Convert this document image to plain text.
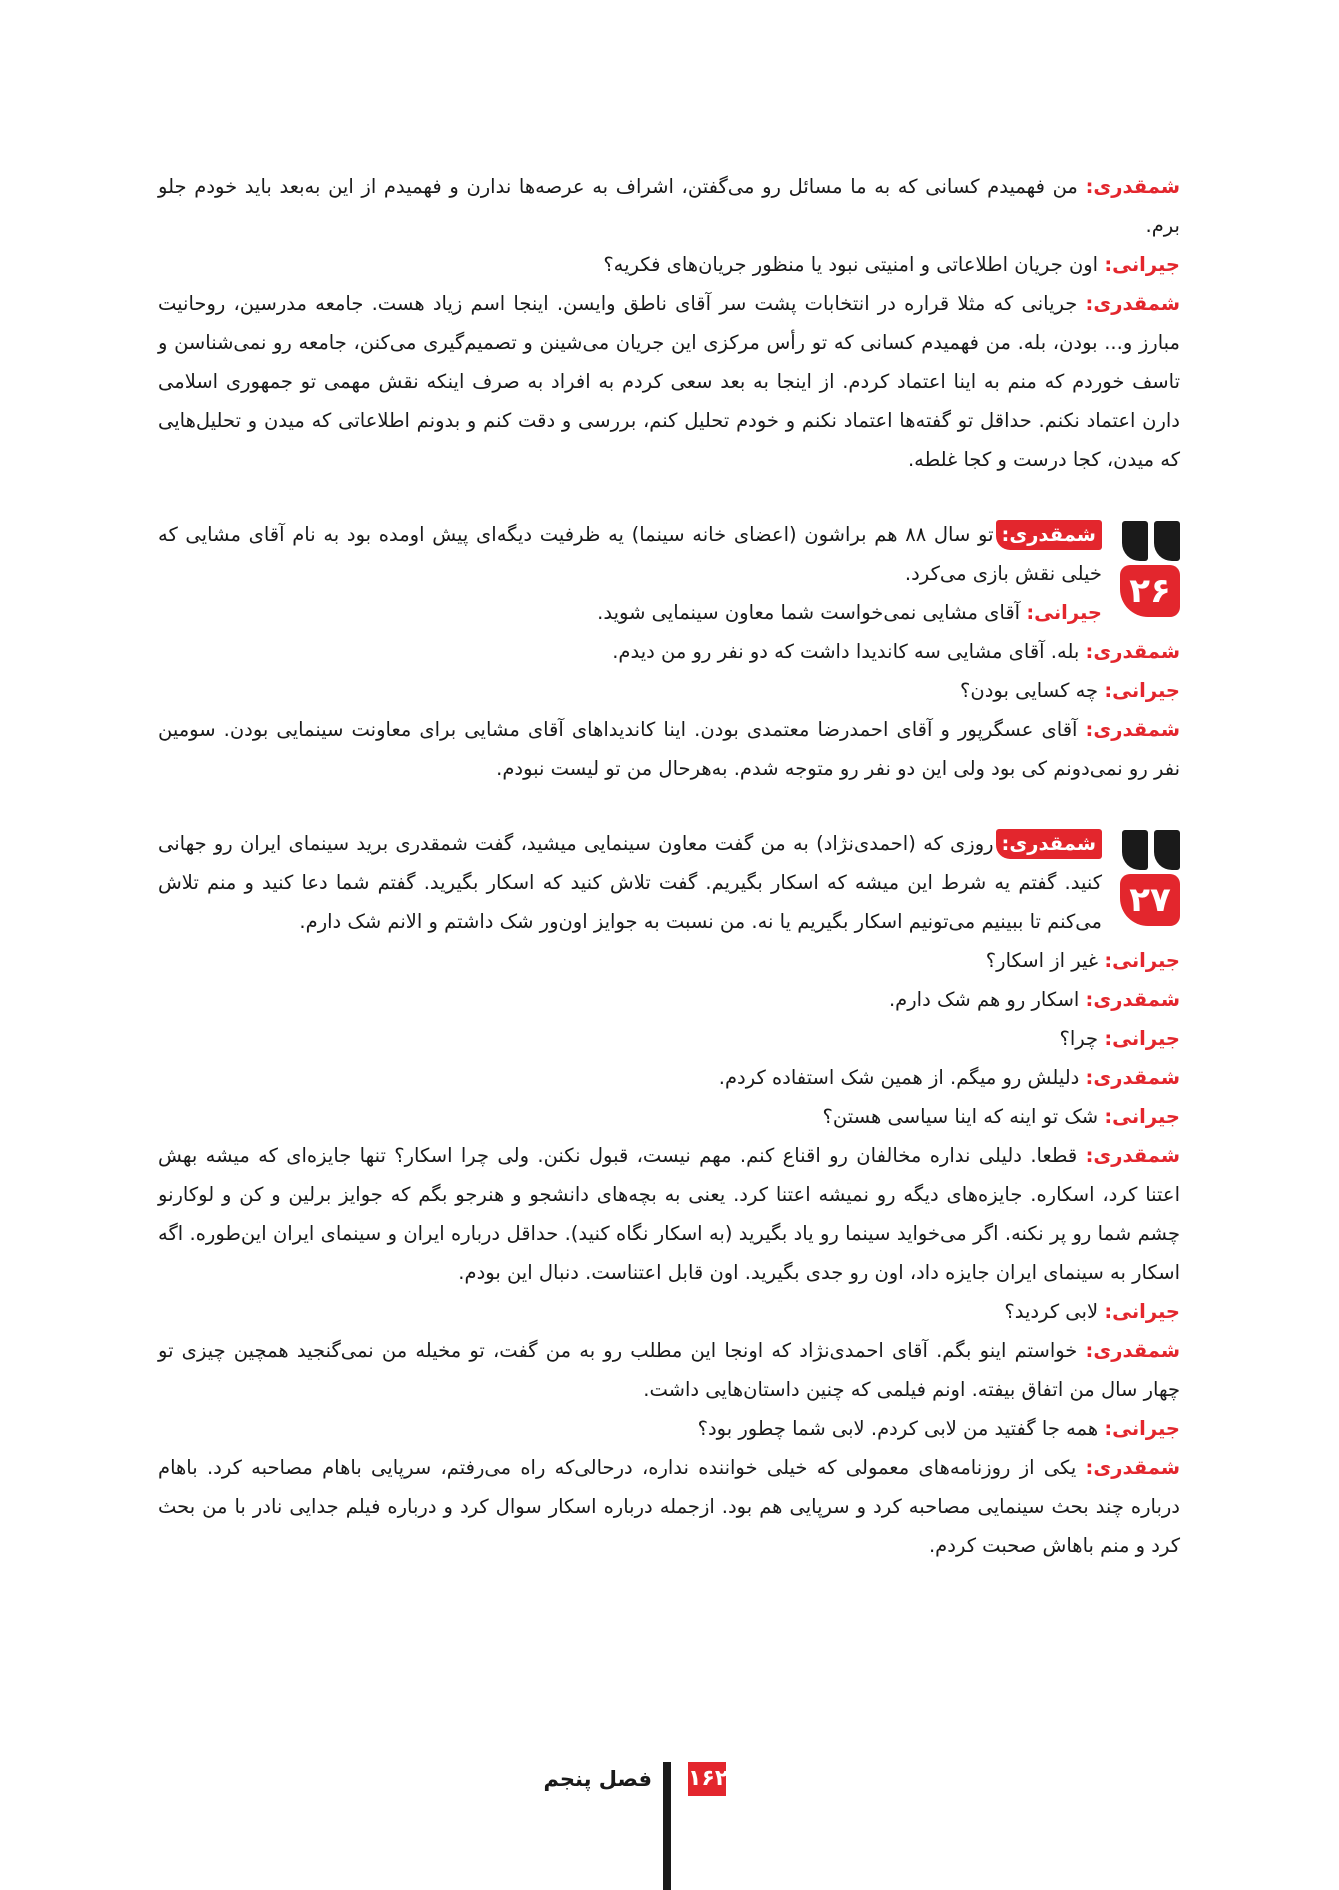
شمقدری: من فهمیدم کسانی که به ما مسائل رو می‌گفتن، اشراف به عرصه‌ها ندارن و فهمیدم از این به‌بعد باید خودم جلو برم.

جیرانی: اون جریان اطلاعاتی و امنیتی نبود یا منظور جریان‌های فکریه؟

شمقدری: جریانی که مثلا قراره در انتخابات پشت سر آقای ناطق وایسن. اینجا اسم زیاد هست. جامعه مدرسین، روحانیت مبارز و... بودن، بله. من فهمیدم کسانی که تو رأس مرکزی این جریان می‌شینن و تصمیم‌گیری می‌کنن، جامعه رو نمی‌شناسن و تاسف خوردم که منم به اینا اعتماد کردم. از اینجا به بعد سعی کردم به افراد به صرف اینکه نقش مهمی تو جمهوری اسلامی دارن اعتماد نکنم. حداقل تو گفته‌ها اعتماد نکنم و خودم تحلیل کنم، بررسی و دقت کنم و بدونم اطلاعاتی که میدن و تحلیل‌هایی که میدن، کجا درست و کجا غلطه.

۲۶

شمقدری:تو سال ۸۸ هم براشون (اعضای خانه سینما) یه ظرفیت دیگه‌ای پیش اومده بود به نام آقای مشایی که خیلی نقش بازی می‌کرد.

جیرانی: آقای مشایی نمی‌خواست شما معاون سینمایی شوید.

شمقدری: بله. آقای مشایی سه کاندیدا داشت که دو نفر رو من دیدم.

جیرانی: چه کسایی بودن؟

شمقدری: آقای عسگرپور و آقای احمدرضا معتمدی بودن. اینا کاندیداهای آقای مشایی برای معاونت سینمایی بودن. سومین نفر رو نمی‌دونم کی بود ولی این دو نفر رو متوجه شدم. به‌هرحال من تو لیست نبودم.

۲۷

شمقدری:روزی که (احمدی‌نژاد) به من گفت معاون سینمایی میشید، گفت شمقدری برید سینمای ایران رو جهانی کنید. گفتم یه شرط این میشه که اسکار بگیریم. گفت تلاش کنید که اسکار بگیرید. گفتم شما دعا کنید و منم تلاش می‌کنم تا ببینیم می‌تونیم اسکار بگیریم یا نه. من نسبت به جوایز اون‌ور شک داشتم و الانم شک دارم.

جیرانی: غیر از اسکار؟

شمقدری: اسکار رو هم شک دارم.

جیرانی: چرا؟

شمقدری: دلیلش رو میگم. از همین شک استفاده کردم.

جیرانی: شک تو اینه که اینا سیاسی هستن؟

شمقدری: قطعا. دلیلی نداره مخالفان رو اقناع کنم. مهم نیست، قبول نکنن. ولی چرا اسکار؟ تنها جایزه‌ای که میشه بهش اعتنا کرد، اسکاره. جایزه‌های دیگه رو نمیشه اعتنا کرد. یعنی به بچه‌های دانشجو و هنرجو بگم که جوایز برلین و کن و لوکارنو چشم شما رو پر نکنه. اگر می‌خواید سینما رو یاد بگیرید (به اسکار نگاه کنید). حداقل درباره ایران و سینمای ایران این‌طوره. اگه اسکار به سینمای ایران جایزه داد، اون رو جدی بگیرید. اون قابل اعتناست. دنبال این بودم.

جیرانی: لابی کردید؟

شمقدری: خواستم اینو بگم. آقای احمدی‌نژاد که اونجا این مطلب رو به من گفت، تو مخیله من نمی‌گنجید همچین چیزی تو چهار سال من اتفاق بیفته. اونم فیلمی که چنین داستان‌هایی داشت.

جیرانی: همه جا گفتید من لابی کردم. لابی شما چطور بود؟

شمقدری: یکی از روزنامه‌های معمولی که خیلی خواننده نداره، درحالی‌که راه می‌رفتم، سرپایی باهام مصاحبه کرد. باهام درباره چند بحث سینمایی مصاحبه کرد و سرپایی هم بود. ازجمله درباره اسکار سوال کرد و درباره فیلم جدایی نادر با من بحث کرد و منم باهاش صحبت کردم.

۱۶۲
فصل پنجم
